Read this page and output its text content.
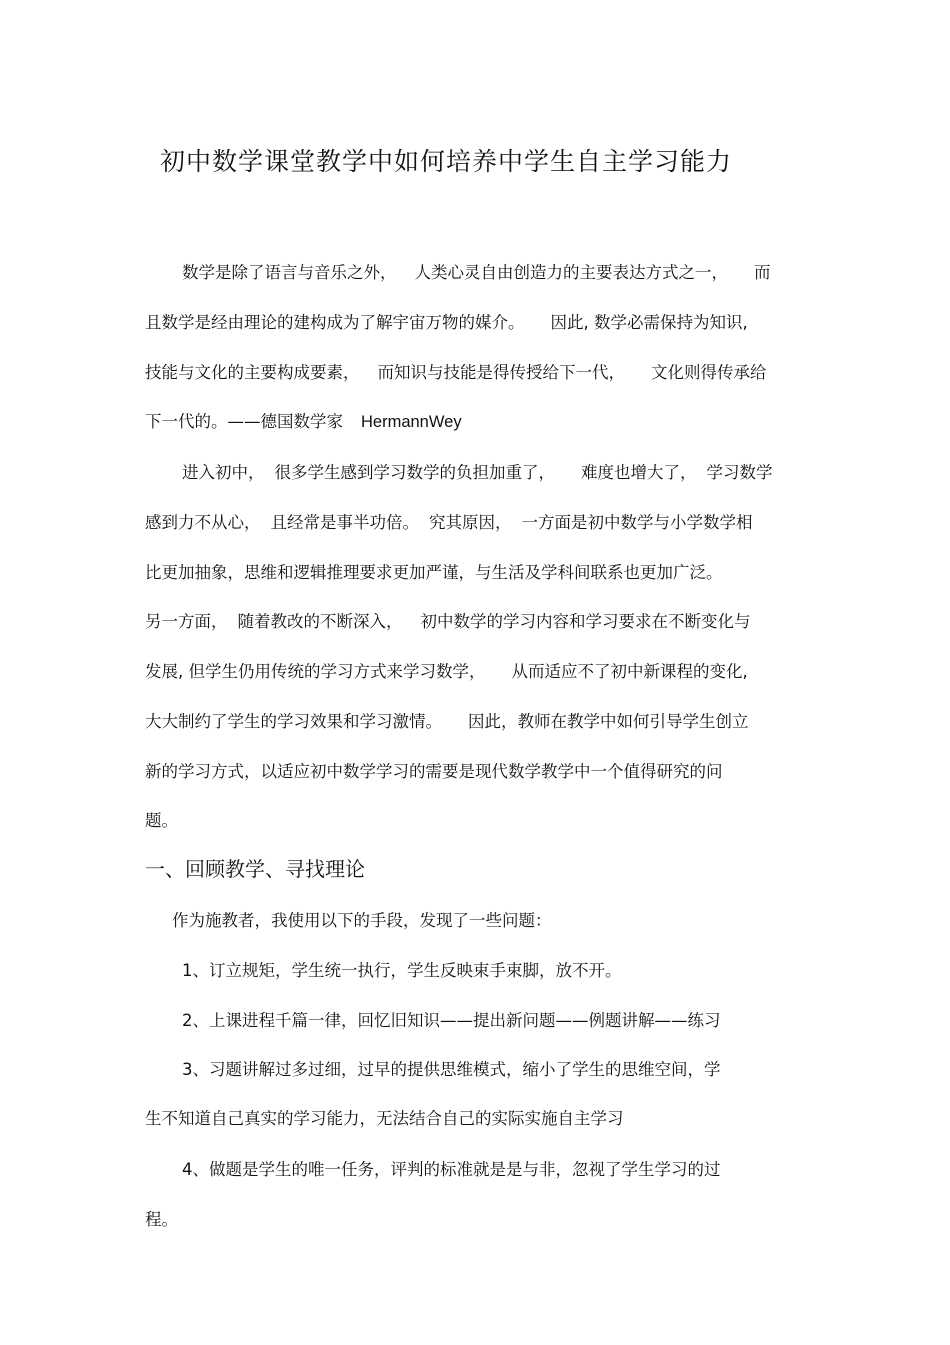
初中数学课堂教学中如何培养中学生自主学习能力
数学是除了语言与音乐之外， 人类心灵自由创造力的主要表达方式之一， 而
且数学是经由理论的建构成为了解宇宙万物的媒介。 因此, 数学必需保持为知识,
技能与文化的主要构成要素， 而知识与技能是得传授给下一代， 文化则得传承给
下一代的。——德国数学家 HermannWey
进入初中， 很多学生感到学习数学的负担加重了， 难度也增大了， 学习数学
感到力不从心， 且经常是事半功倍。 究其原因， 一方面是初中数学与小学数学相
比更加抽象，思维和逻辑推理要求更加严谨，与生活及学科间联系也更加广泛。
另一方面， 随着教改的不断深入， 初中数学的学习内容和学习要求在不断变化与
发展, 但学生仍用传统的学习方式来学习数学， 从而适应不了初中新课程的变化,
大大制约了学生的学习效果和学习激情。 因此，教师在教学中如何引导学生创立
新的学习方式，以适应初中数学学习的需要是现代数学教学中一个值得研究的问
题。
一、回顾教学、寻找理论
作为施教者，我使用以下的手段，发现了一些问题：
1、订立规矩，学生统一执行，学生反映束手束脚，放不开。
2、上课进程千篇一律，回忆旧知识——提出新问题——例题讲解——练习
3、习题讲解过多过细，过早的提供思维模式，缩小了学生的思维空间，学
生不知道自己真实的学习能力，无法结合自己的实际实施自主学习
4、做题是学生的唯一任务，评判的标准就是是与非，忽视了学生学习的过
程。
